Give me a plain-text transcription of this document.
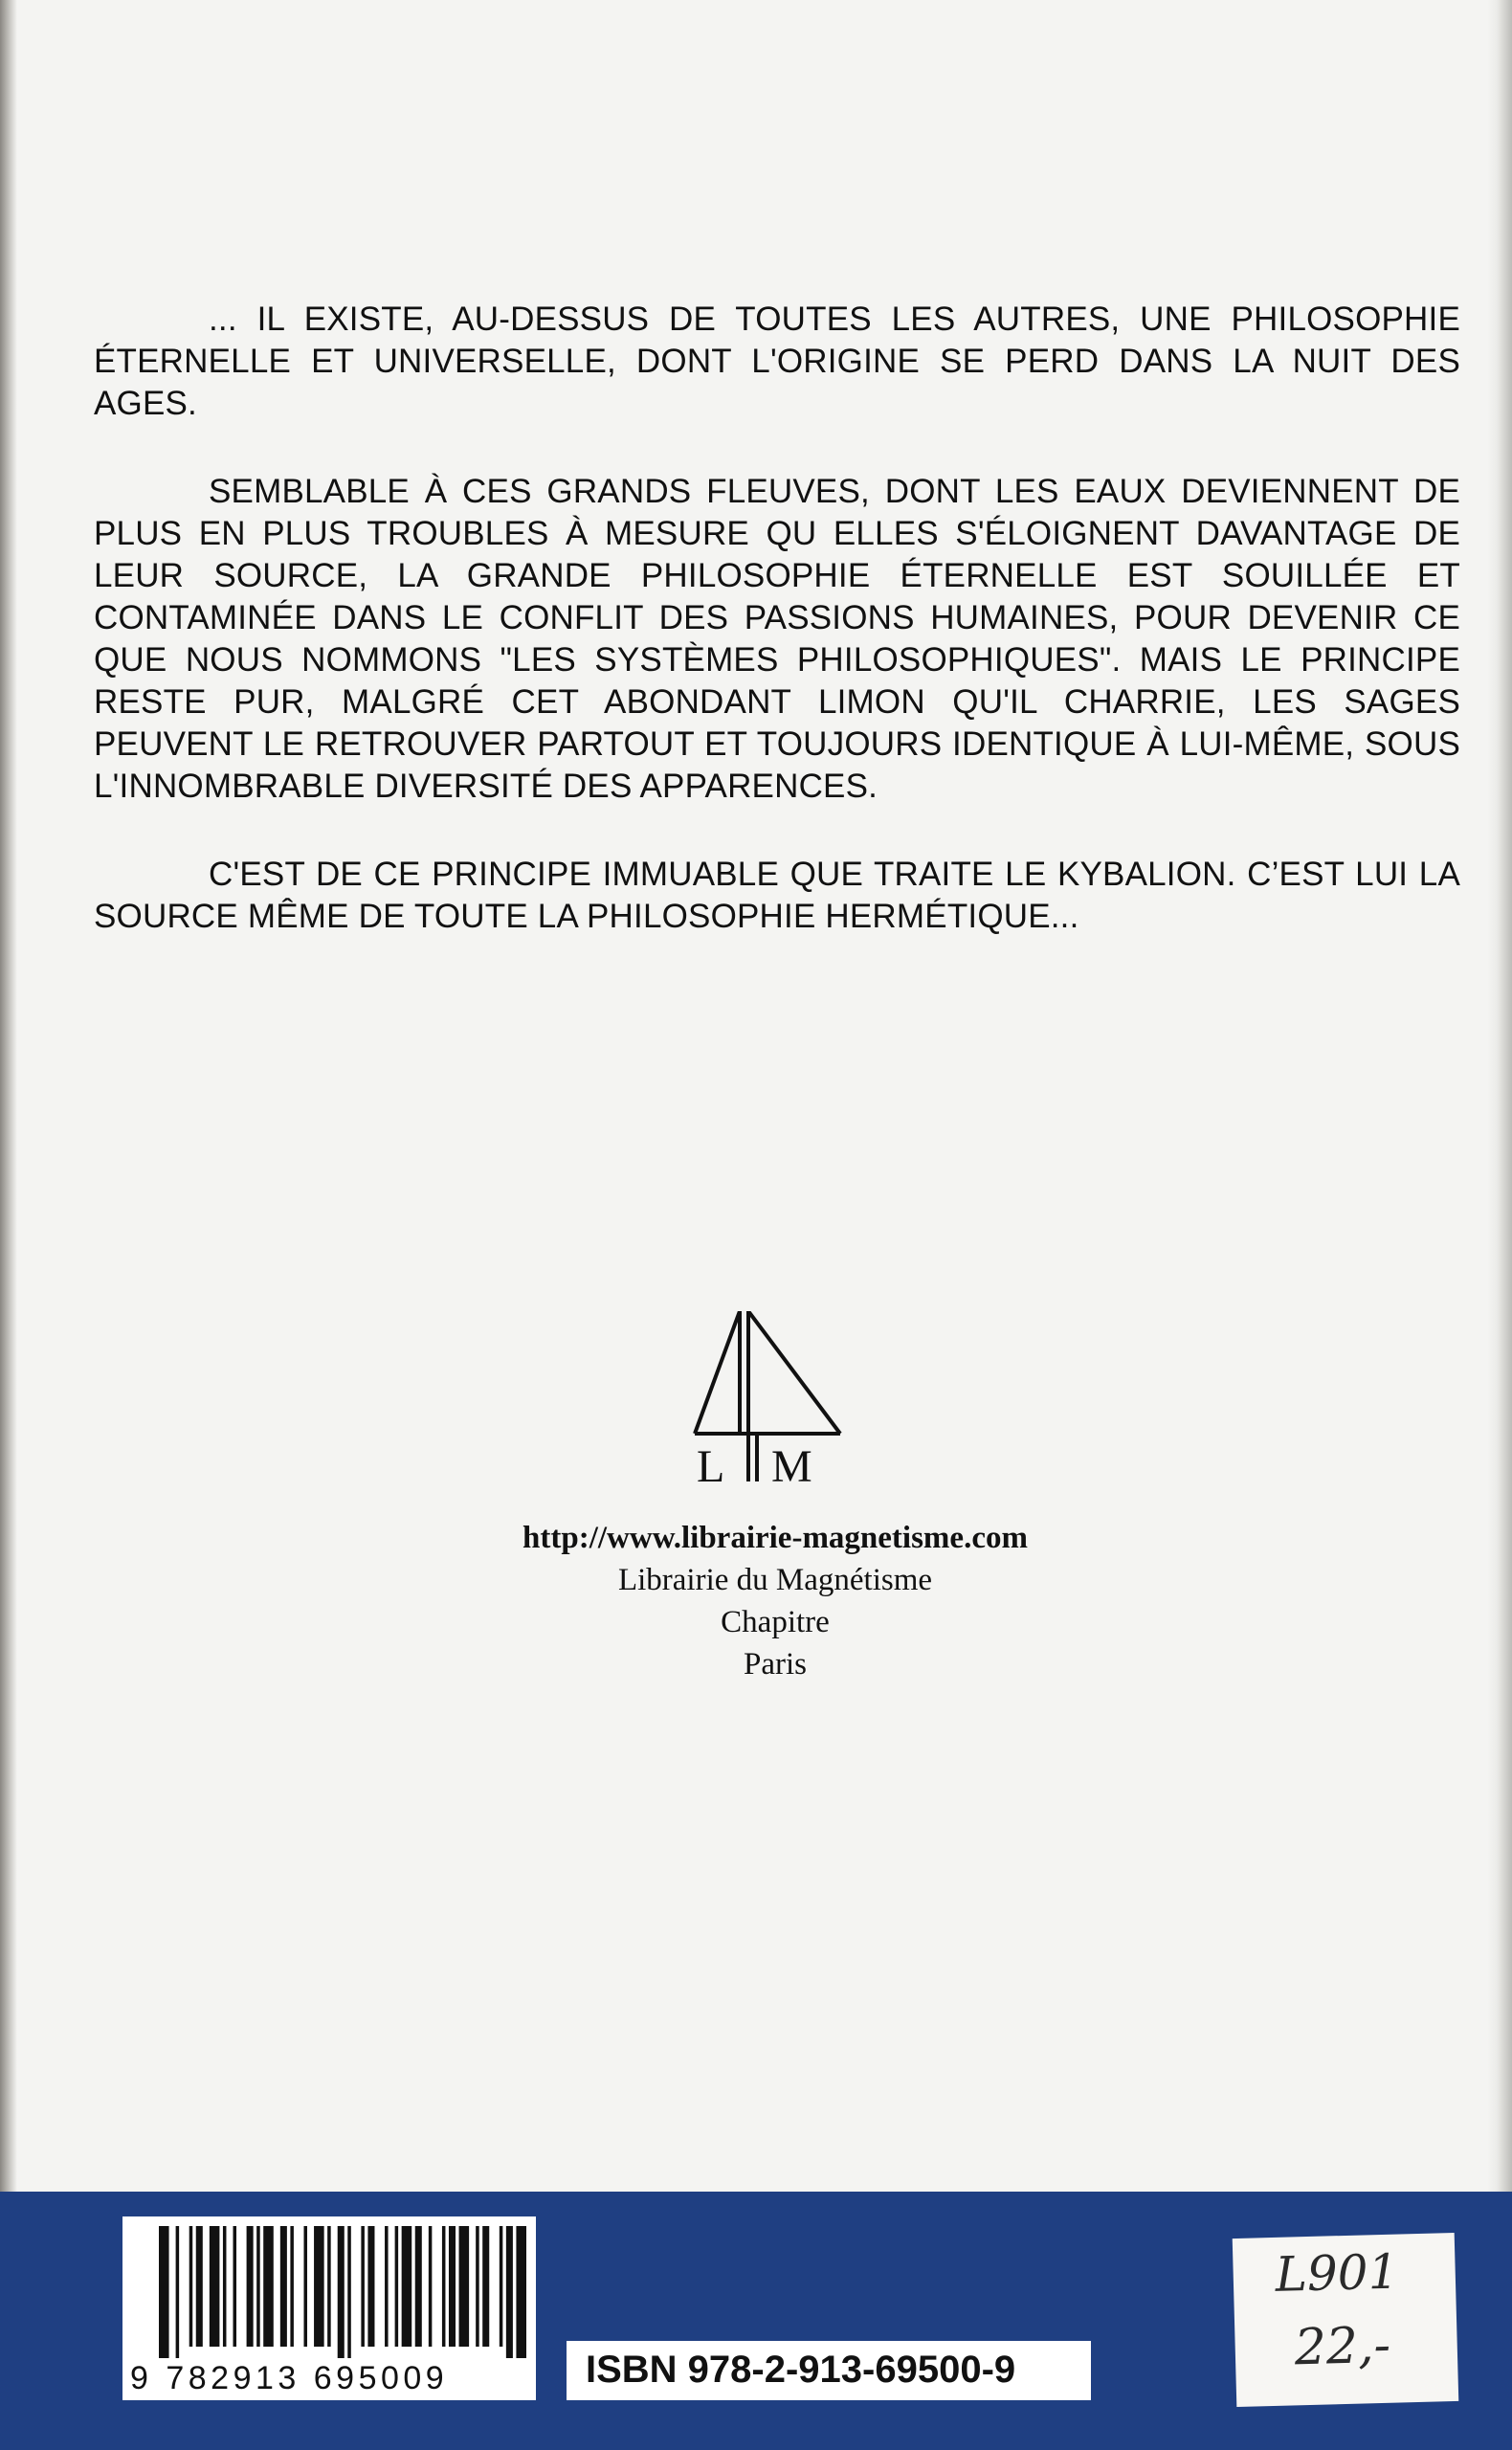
... IL EXISTE, AU-DESSUS DE TOUTES LES AUTRES, UNE PHILOSOPHIE ÉTERNELLE ET UNIVERSELLE, DONT L'ORIGINE SE PERD DANS LA NUIT DES AGES.

SEMBLABLE À CES GRANDS FLEUVES, DONT LES EAUX DEVIENNENT DE PLUS EN PLUS TROUBLES À MESURE QU ELLES S'ÉLOIGNENT DAVANTAGE DE LEUR SOURCE, LA GRANDE PHILOSOPHIE ÉTERNELLE EST SOUILLÉE ET CONTAMINÉE DANS LE CONFLIT DES PASSIONS HUMAINES, POUR DEVENIR CE QUE NOUS NOMMONS "LES SYSTÈMES PHILOSOPHIQUES". MAIS LE PRINCIPE RESTE PUR, MALGRÉ CET ABONDANT LIMON QU'IL CHARRIE, LES SAGES PEUVENT LE RETROUVER PARTOUT ET TOUJOURS IDENTIQUE À LUI-MÊME, SOUS L'INNOMBRABLE DIVERSITÉ DES APPARENCES.

C'EST DE CE PRINCIPE IMMUABLE QUE TRAITE LE KYBALION. C’EST LUI LA SOURCE MÊME DE TOUTE LA PHILOSOPHIE HERMÉTIQUE...

L M
http://www.librairie-magnetisme.com
Librairie du Magnétisme
Chapitre
Paris
9 782913 695009	ISBN 978-2-913-69500-9
L901
22,-
